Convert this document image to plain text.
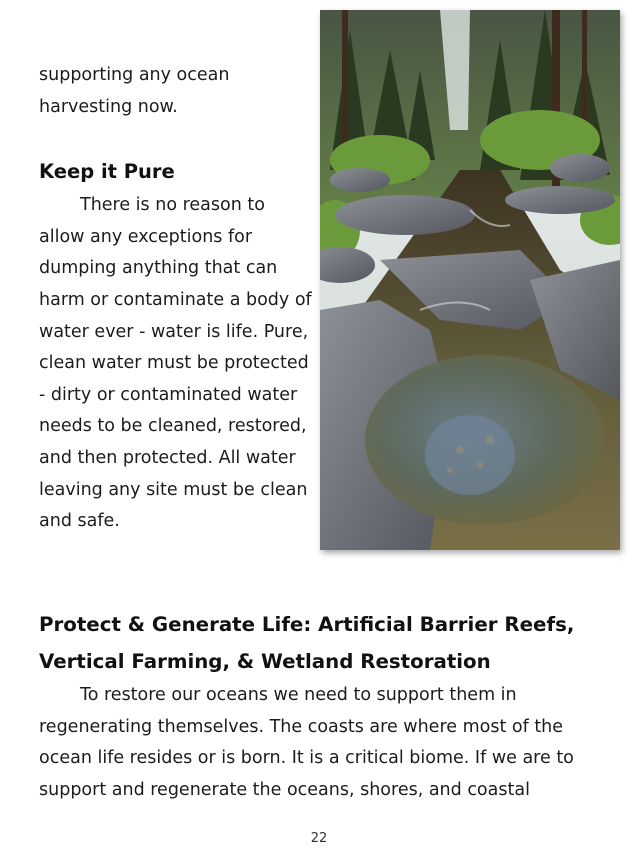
supporting any ocean harvesting now.

Keep it Pure

There is no reason to allow any exceptions for dumping anything that can harm or contaminate a body of water ever - water is life. Pure, clean water must be protected - dirty or contaminated water needs to be cleaned, restored, and then protected. All water leaving any site must be clean and safe.

Protect & Generate Life: Artificial Barrier Reefs, Vertical Farming, & Wetland Restoration

To restore our oceans we need to support them in regenerating themselves. The coasts are where most of the ocean life resides or is born. It is a critical biome. If we are to support and regenerate the oceans, shores, and coastal

22
